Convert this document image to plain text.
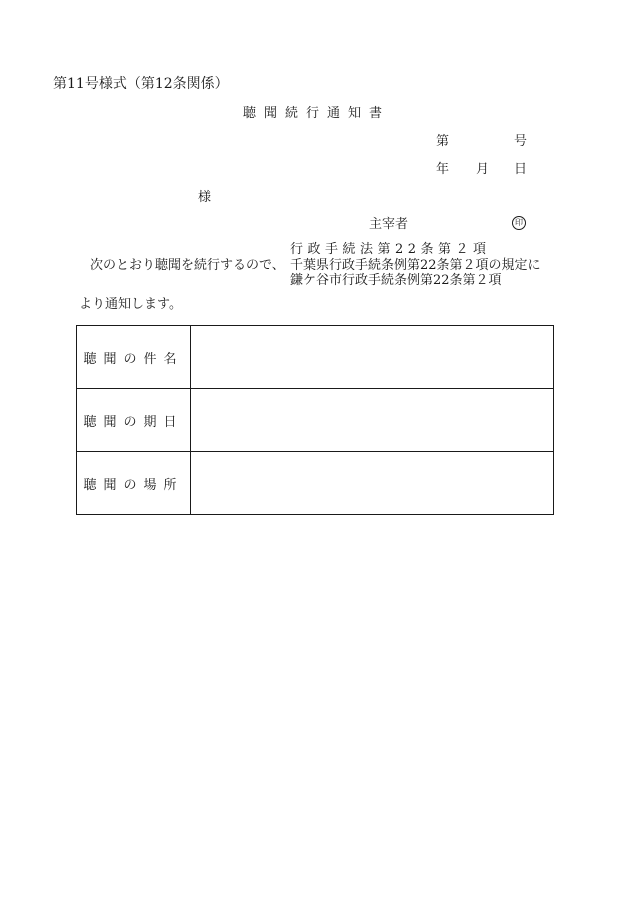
第11号様式（第12条関係）
聴聞続行通知書
第	号
年 月 日
様
主宰者	印
行政手続法第22条第２項
次のとおり聴聞を続行するので、 千葉県行政手続条例第22条第２項の規定に
鎌ケ谷市行政手続条例第22条第２項
より通知します。
聴聞の件名	
聴聞の期日	
聴聞の場所	
